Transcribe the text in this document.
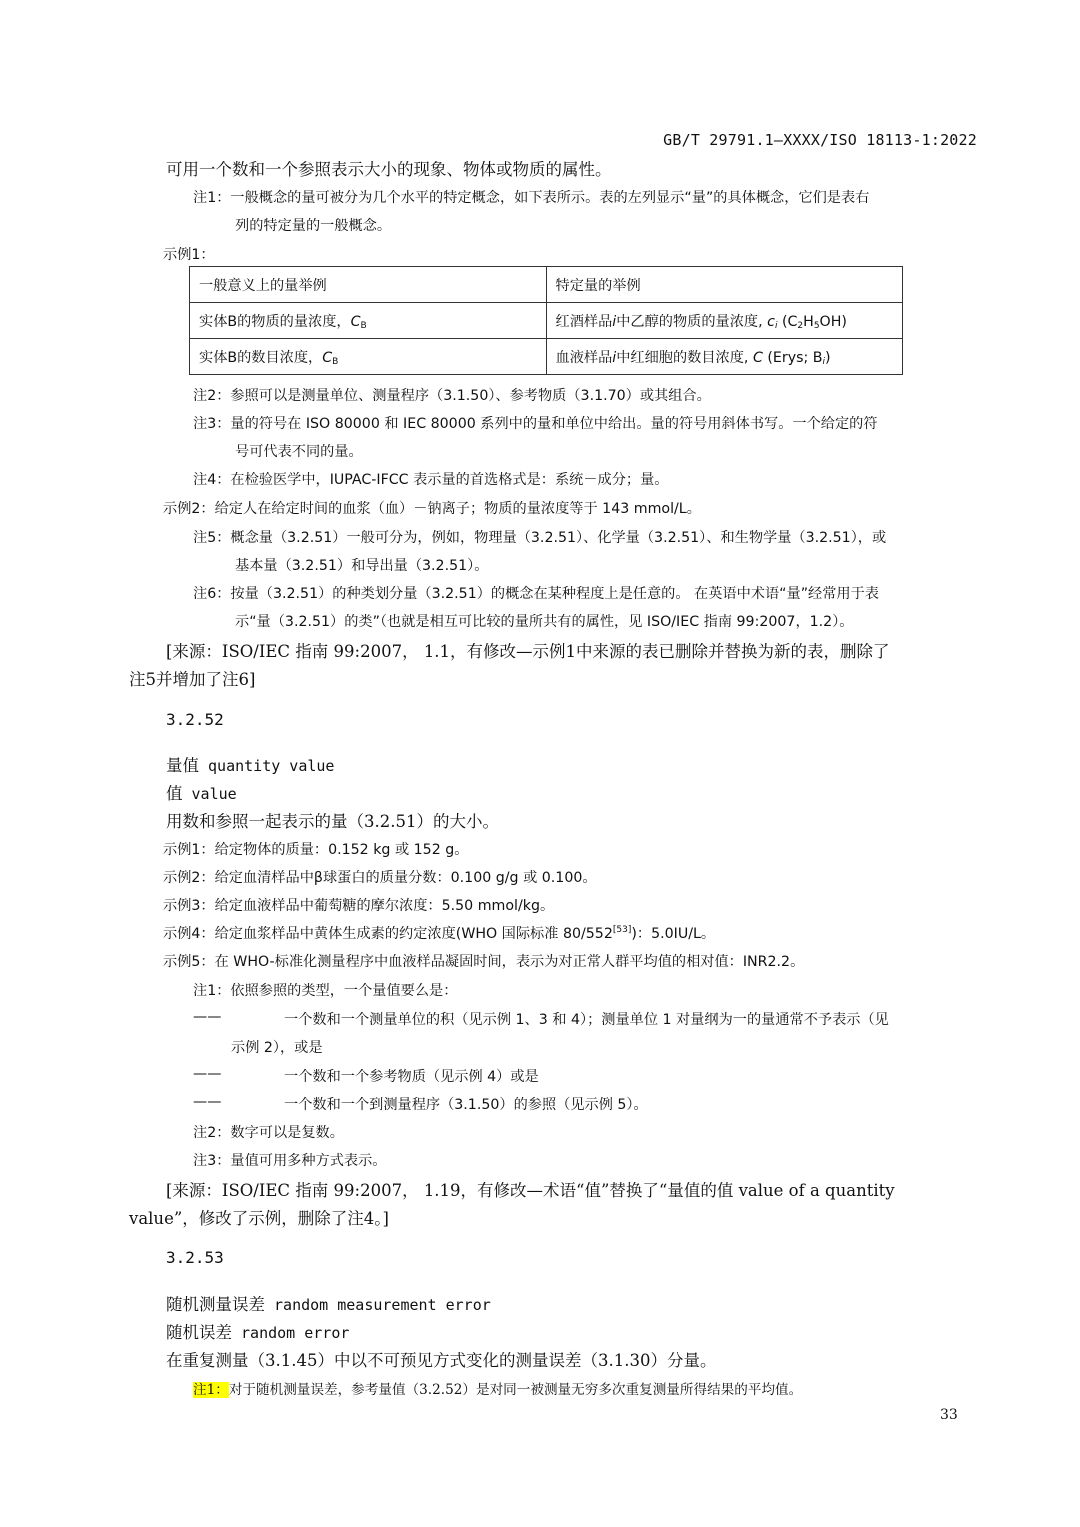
GB/T 29791.1—XXXX/ISO 18113-1:2022
可用一个数和一个参照表示大小的现象、物体或物质的属性。
注1：一般概念的量可被分为几个水平的特定概念，如下表所示。表的左列显示“量”的具体概念，它们是表右
列的特定量的一般概念。
示例1：
一般意义上的量举例	特定量的举例
实体B的物质的量浓度，$C_B$	红酒样品i中乙醇的物质的量浓度, $c_i$ $(C_2H_5OH)$
实体B的数目浓度，$C_B$	血液样品i中红细胞的数目浓度, C (Erys; $B_i$)
注2：参照可以是测量单位、测量程序（3.1.50）、参考物质（3.1.70）或其组合。
注3：量的符号在 ISO 80000 和 IEC 80000 系列中的量和单位中给出。量的符号用斜体书写。一个给定的符
号可代表不同的量。
注4：在检验医学中，IUPAC-IFCC 表示量的首选格式是：系统－成分；量。
示例2：给定人在给定时间的血浆（血）－钠离子；物质的量浓度等于 143 mmol/L。
注5：概念量（3.2.51）一般可分为，例如，物理量（3.2.51）、化学量（3.2.51）、和生物学量（3.2.51），或
基本量（3.2.51）和导出量（3.2.51）。
注6：按量（3.2.51）的种类划分量（3.2.51）的概念在某种程度上是任意的。 在英语中术语“量”经常用于表
示“量（3.2.51）的类”（也就是相互可比较的量所共有的属性，见 ISO/IEC 指南 99:2007，1.2）。
[来源：ISO/IEC 指南 99:2007， 1.1，有修改—示例1中来源的表已删除并替换为新的表，删除了
注5并增加了注6]
3.2.52
量值 quantity value
值 value
用数和参照一起表示的量（3.2.51）的大小。
示例1：给定物体的质量：0.152 kg 或 152 g。
示例2：给定血清样品中β球蛋白的质量分数：0.100 g/g 或 0.100。
示例3：给定血液样品中葡萄糖的摩尔浓度：5.50 mmol/kg。
示例4：给定血浆样品中黄体生成素的约定浓度(WHO 国际标准 80/552[53])：5.0IU/L。
示例5：在 WHO-标准化测量程序中血液样品凝固时间，表示为对正常人群平均值的相对值：INR2.2。
注1：依照参照的类型，一个量值要么是：
——	一个数和一个测量单位的积（见示例 1、3 和 4）；测量单位 1 对量纲为一的量通常不予表示（见
示例 2），或是
——	一个数和一个参考物质（见示例 4）或是
——	一个数和一个到测量程序（3.1.50）的参照（见示例 5）。
注2：数字可以是复数。
注3：量值可用多种方式表示。
[来源：ISO/IEC 指南 99:2007， 1.19，有修改—术语“值”替换了“量值的值 value of a quantity
value”，修改了示例，删除了注4。]
3.2.53
随机测量误差 random measurement error
随机误差 random error
在重复测量（3.1.45）中以不可预见方式变化的测量误差（3.1.30）分量。
注1：对于随机测量误差，参考量值（3.2.52）是对同一被测量无穷多次重复测量所得结果的平均值。
33
